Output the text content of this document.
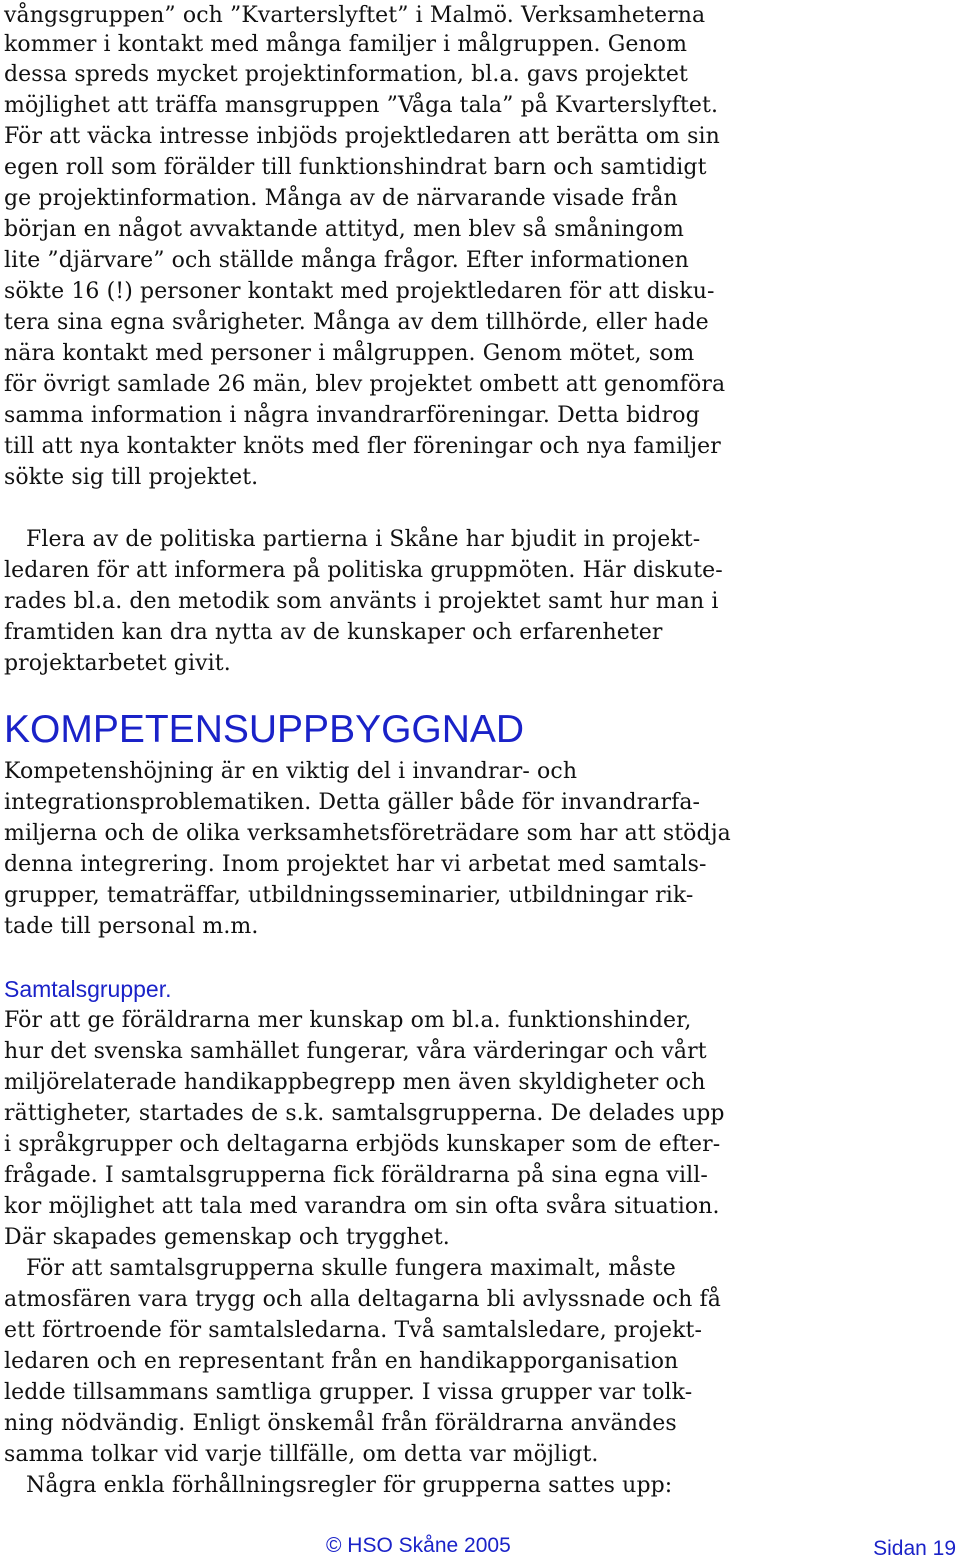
vångsgruppen” och ”Kvarterslyftet” i Malmö. Verksamheterna
kommer i kontakt med många familjer i målgruppen. Genom
dessa spreds mycket projektinformation, bl.a. gavs projektet
möjlighet att träffa mansgruppen ”Våga tala” på Kvarterslyftet.
För att väcka intresse inbjöds projektledaren att berätta om sin
egen roll som förälder till funktionshindrat barn och samtidigt
ge projektinformation. Många av de närvarande visade från
början en något avvaktande attityd, men blev så småningom
lite ”djärvare” och ställde många frågor. Efter informationen
sökte 16 (!) personer kontakt med projektledaren för att disku-
tera sina egna svårigheter. Många av dem tillhörde, eller hade
nära kontakt med personer i målgruppen. Genom mötet, som
för övrigt samlade 26 män, blev projektet ombett att genomföra
samma information i några invandrarföreningar. Detta bidrog
till att nya kontakter knöts med fler föreningar och nya familjer
sökte sig till projektet.
Flera av de politiska partierna i Skåne har bjudit in projekt-
ledaren för att informera på politiska gruppmöten. Här diskute-
rades bl.a. den metodik som använts i projektet samt hur man i
framtiden kan dra nytta av de kunskaper och erfarenheter
projektarbetet givit.
KOMPETENSUPPBYGGNAD
Kompetenshöjning är en viktig del i invandrar- och
integrationsproblematiken. Detta gäller både för invandrarfa-
miljerna och de olika verksamhetsföreträdare som har att stödja
denna integrering. Inom projektet har vi arbetat med samtals-
grupper, tematräffar, utbildningsseminarier, utbildningar rik-
tade till personal m.m.
Samtalsgrupper.
För att ge föräldrarna mer kunskap om bl.a. funktionshinder,
hur det svenska samhället fungerar, våra värderingar och vårt
miljörelaterade handikappbegrepp men även skyldigheter och
rättigheter, startades de s.k. samtalsgrupperna. De delades upp
i språkgrupper och deltagarna erbjöds kunskaper som de efter-
frågade. I samtalsgrupperna fick föräldrarna på sina egna vill-
kor möjlighet att tala med varandra om sin ofta svåra situation.
Där skapades gemenskap och trygghet.
För att samtalsgrupperna skulle fungera maximalt, måste
atmosfären vara trygg och alla deltagarna bli avlyssnade och få
ett förtroende för samtalsledarna. Två samtalsledare, projekt-
ledaren och en representant från en handikapporganisation
ledde tillsammans samtliga grupper. I vissa grupper var tolk-
ning nödvändig. Enligt önskemål från föräldrarna användes
samma tolkar vid varje tillfälle, om detta var möjligt.
Några enkla förhållningsregler för grupperna sattes upp:
© HSO Skåne 2005	Sidan 19
